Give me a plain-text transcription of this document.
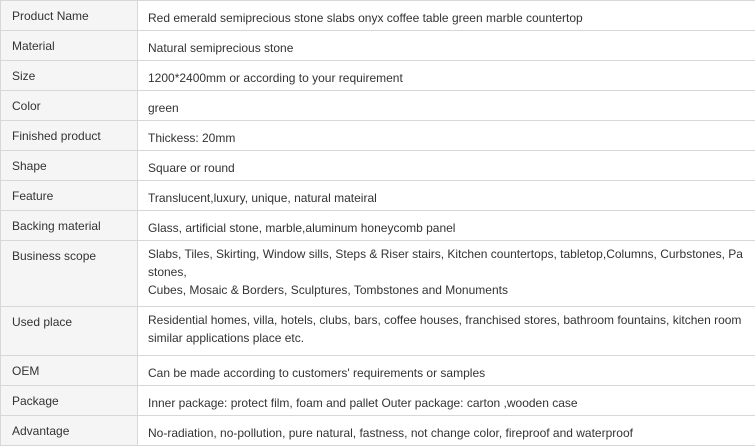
Product Name	Red emerald semiprecious stone slabs onyx coffee table green marble countertop
Material	Natural semiprecious stone
Size	1200*2400mm or according to your requirement
Color	green
Finished product	Thickess: 20mm
Shape	Square or round
Feature	Translucent,luxury, unique, natural mateiral
Backing material	Glass, artificial stone, marble,aluminum honeycomb panel
Business scope	Slabs, Tiles, Skirting, Window sills, Steps & Riser stairs, Kitchen countertops, tabletop,Columns, Curbstones, Pa
stones,
Cubes, Mosaic & Borders, Sculptures, Tombstones and Monuments
Used place	Residential homes, villa, hotels, clubs, bars, coffee houses, franchised stores, bathroom fountains, kitchen room
similar applications place etc.
OEM	Can be made according to customers' requirements or samples
Package	Inner package: protect film, foam and pallet Outer package: carton ,wooden case
Advantage	No-radiation, no-pollution, pure natural, fastness, not change color, fireproof and waterproof
